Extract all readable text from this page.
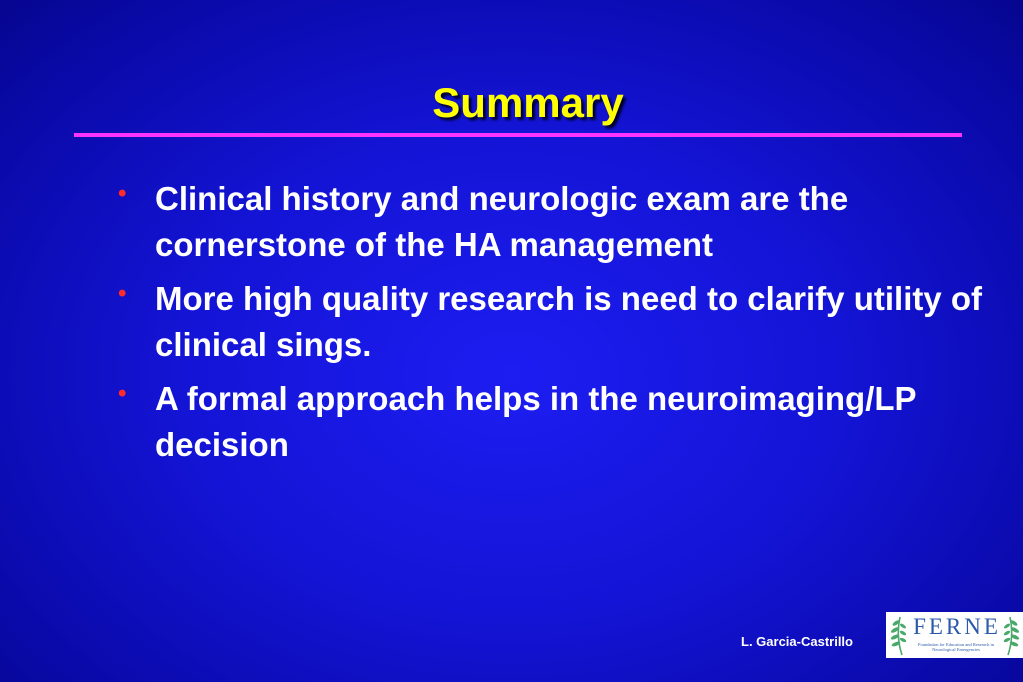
Summary
• Clinical history and neurologic exam are the cornerstone of the HA management
• More high quality research is need to clarify utility of clinical sings.
• A formal approach helps in the neuroimaging/LP decision
L. Garcia-Castrillo
FERNE
Foundation for Education and Research in Neurological Emergencies
